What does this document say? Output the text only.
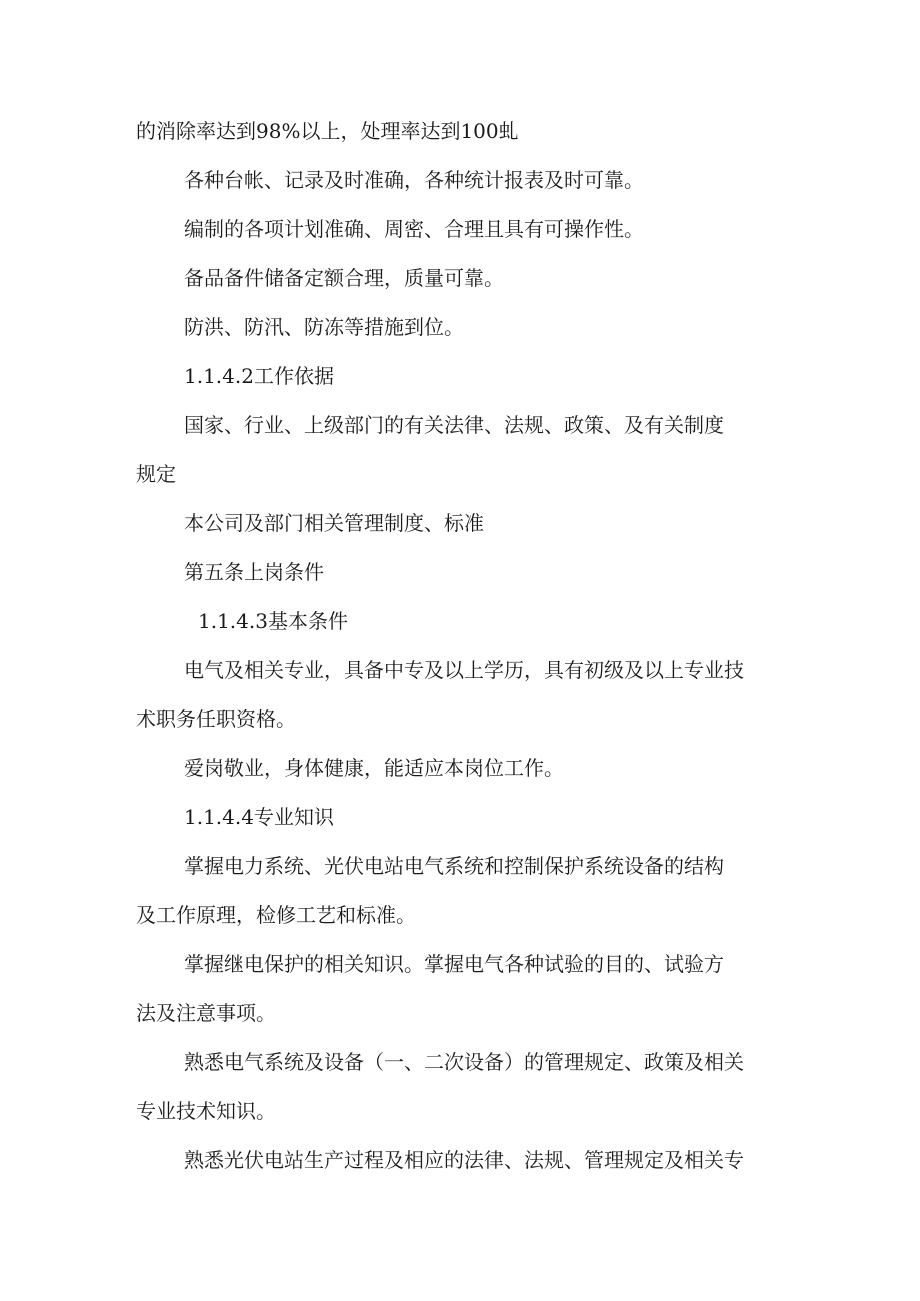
的消除率达到98%以上，处理率达到100虬

各种台帐、记录及时准确，各种统计报表及时可靠。

编制的各项计划准确、周密、合理且具有可操作性。

备品备件储备定额合理，质量可靠。

防洪、防汛、防冻等措施到位。

1.1.4.2工作依据

国家、行业、上级部门的有关法律、法规、政策、及有关制度

规定

本公司及部门相关管理制度、标准

第五条上岗条件

1.1.4.3基本条件

电气及相关专业，具备中专及以上学历，具有初级及以上专业技

术职务任职资格。

爱岗敬业，身体健康，能适应本岗位工作。

1.1.4.4专业知识

掌握电力系统、光伏电站电气系统和控制保护系统设备的结构

及工作原理，检修工艺和标准。

掌握继电保护的相关知识。掌握电气各种试验的目的、试验方

法及注意事项。

熟悉电气系统及设备（一、二次设备）的管理规定、政策及相关

专业技术知识。

熟悉光伏电站生产过程及相应的法律、法规、管理规定及相关专
